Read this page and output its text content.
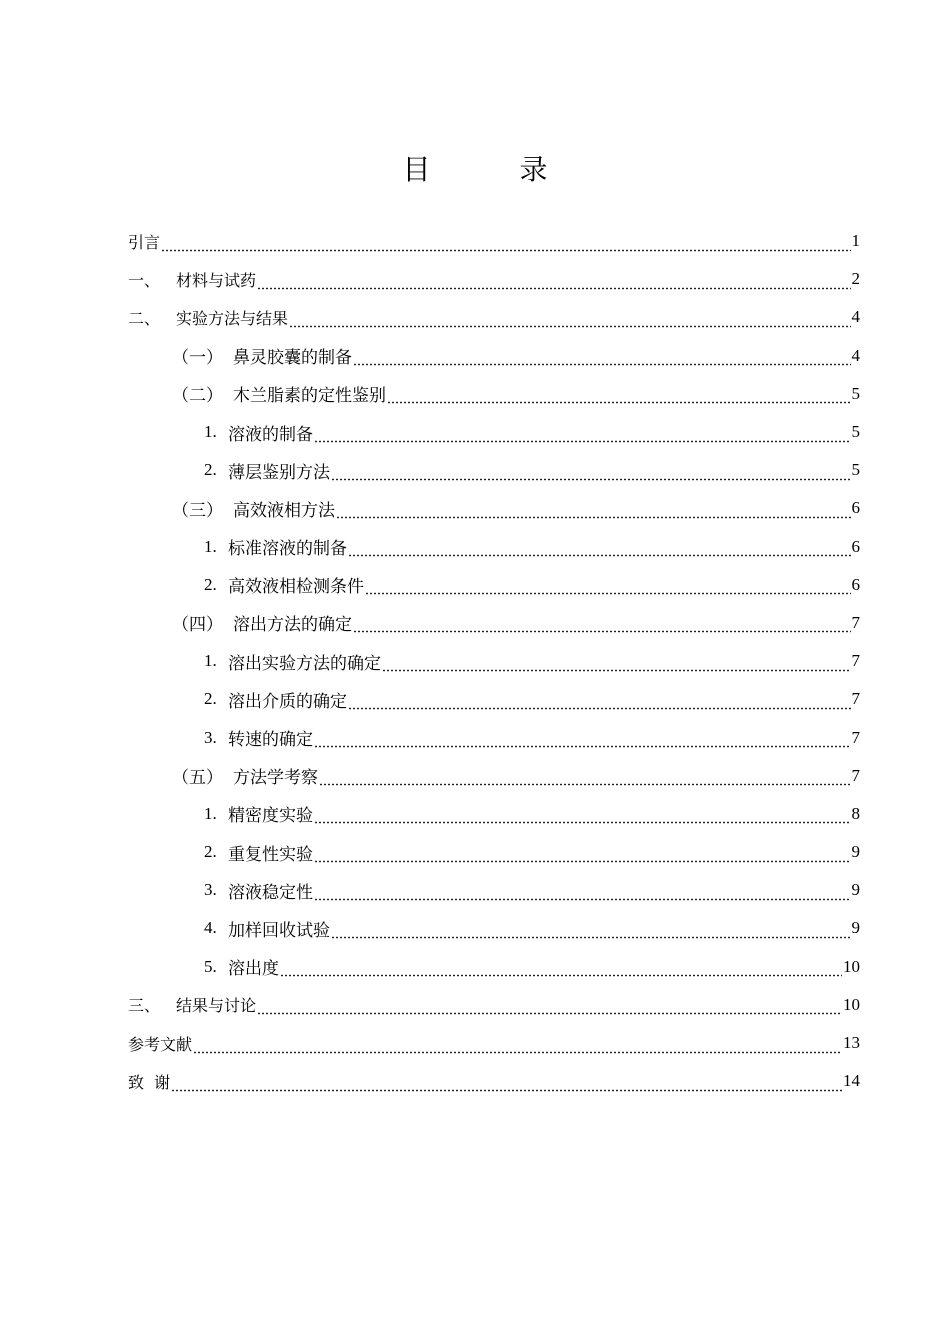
目 录
引言	1
一、 材料与试药	2
二、 实验方法与结果	4
（一） 鼻灵胶囊的制备	4
（二） 木兰脂素的定性鉴别	5
1. 溶液的制备	5
2. 薄层鉴别方法	5
（三） 高效液相方法	6
1. 标准溶液的制备	6
2. 高效液相检测条件	6
（四） 溶出方法的确定	7
1. 溶出实验方法的确定	7
2. 溶出介质的确定	7
3. 转速的确定	7
（五） 方法学考察	7
1. 精密度实验	8
2. 重复性实验	9
3. 溶液稳定性	9
4. 加样回收试验	9
5. 溶出度	10
三、 结果与讨论	10
参考文献	13
致  谢	14
